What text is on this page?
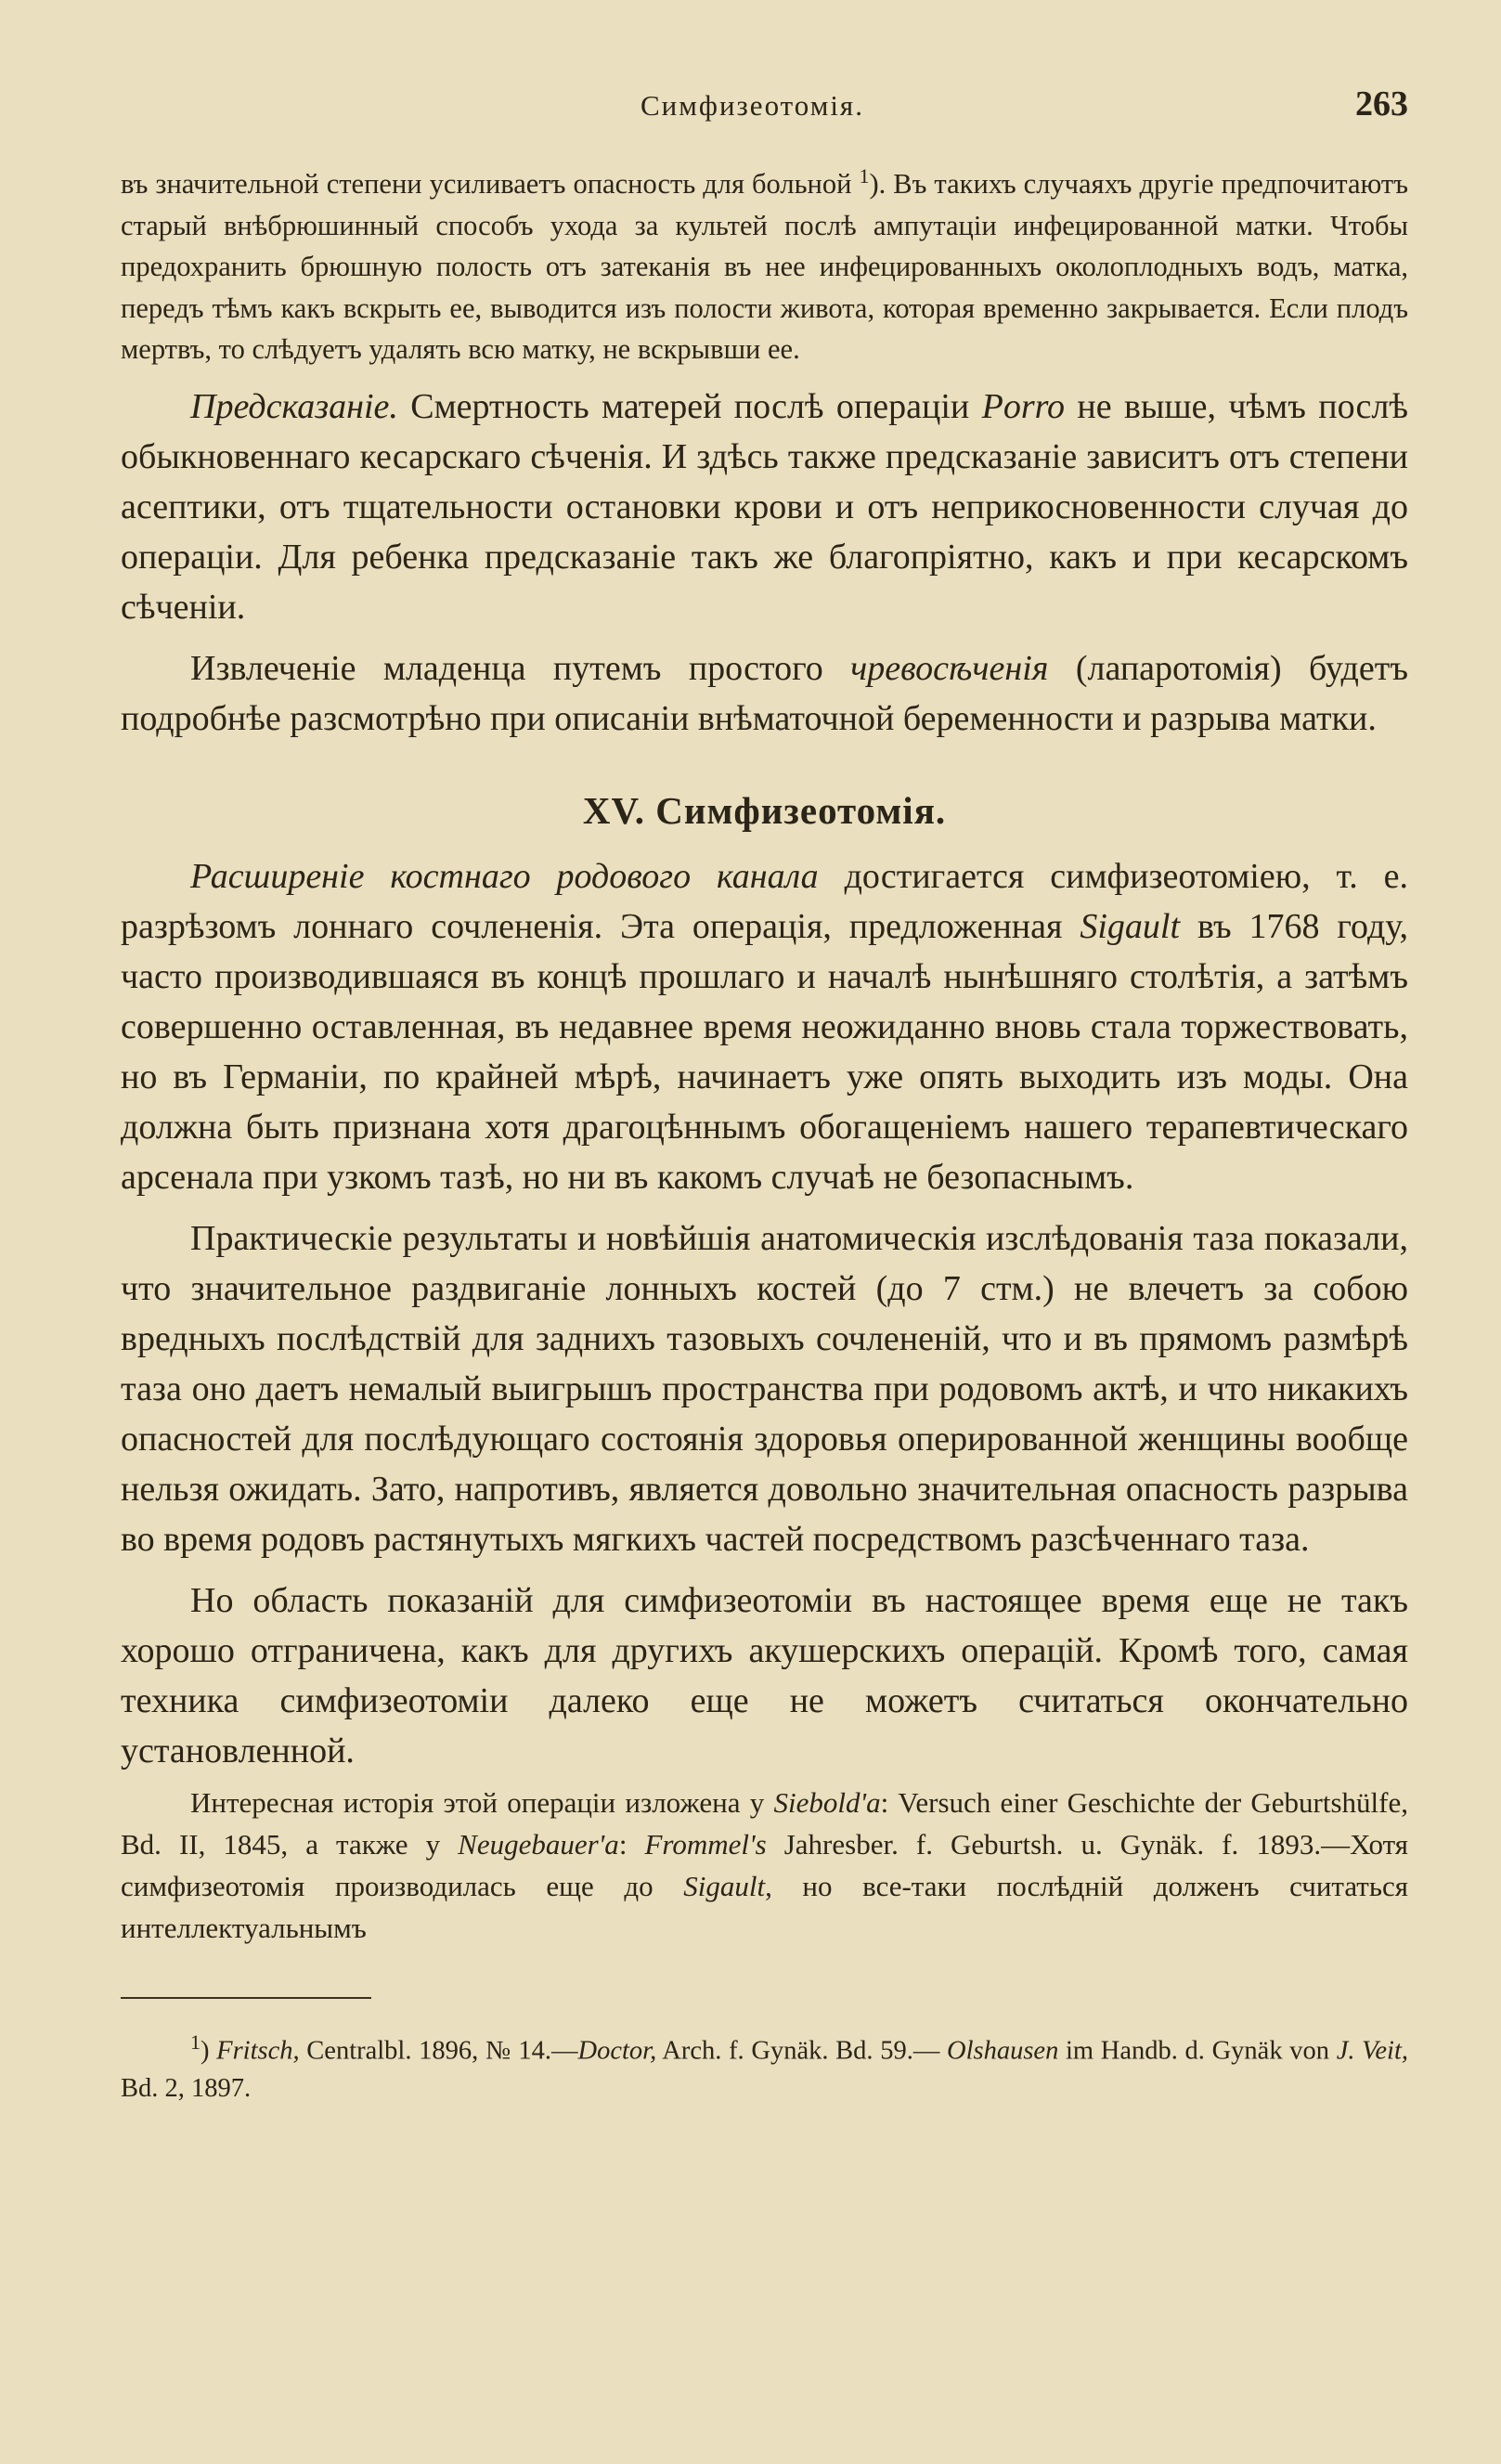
Симфизеотомія.	263

въ значительной степени усиливаетъ опасность для больной $^1$). Въ такихъ случаяхъ другіе предпочитаютъ старый внѣбрюшинный способъ ухода за культей послѣ ампутаціи инфецированной матки. Чтобы предохранить брюшную полость отъ затеканія въ нее инфецированныхъ околоплодныхъ водъ, матка, передъ тѣмъ какъ вскрыть ее, выводится изъ полости живота, которая временно закрывается. Если плодъ мертвъ, то слѣдуетъ удалять всю матку, не вскрывши ее.

Предсказаніе. Смертность матерей послѣ операціи Porro не выше, чѣмъ послѣ обыкновеннаго кесарскаго сѣченія. И здѣсь также предсказаніе зависитъ отъ степени асептики, отъ тщательности остановки крови и отъ неприкосновенности случая до операціи. Для ребенка предсказаніе такъ же благопріятно, какъ и при кесарскомъ сѣченіи.

Извлеченіе младенца путемъ простого чревосѣченія (лапаротомія) будетъ подробнѣе разсмотрѣно при описаніи внѣматочной беременности и разрыва матки.

XV. Симфизеотомія.

Расширеніе костнаго родового канала достигается симфизеотоміею, т. е. разрѣзомъ лоннаго сочлененія. Эта операція, предложенная Sigault въ 1768 году, часто производившаяся въ концѣ прошлаго и началѣ нынѣшняго столѣтія, а затѣмъ совершенно оставленная, въ недавнее время неожиданно вновь стала торжествовать, но въ Германіи, по крайней мѣрѣ, начинаетъ уже опять выходить изъ моды. Она должна быть признана хотя драгоцѣннымъ обогащеніемъ нашего терапевтическаго арсенала при узкомъ тазѣ, но ни въ какомъ случаѣ не безопаснымъ.

Практическіе результаты и новѣйшія анатомическія изслѣдованія таза показали, что значительное раздвиганіе лонныхъ костей (до 7 стм.) не влечетъ за собою вредныхъ послѣдствій для заднихъ тазовыхъ сочлененій, что и въ прямомъ размѣрѣ таза оно даетъ немалый выигрышъ пространства при родовомъ актѣ, и что никакихъ опасностей для послѣдующаго состоянія здоровья оперированной женщины вообще нельзя ожидать. Зато, напротивъ, является довольно значительная опасность разрыва во время родовъ растянутыхъ мягкихъ частей посредствомъ разсѣченнаго таза.

Но область показаній для симфизеотоміи въ настоящее время еще не такъ хорошо отграничена, какъ для другихъ акушерскихъ операцій. Кромѣ того, самая техника симфизеотоміи далеко еще не можетъ считаться окончательно установленной.

Интересная исторія этой операціи изложена у Siebold'а: Versuch einer Geschichte der Geburtshülfe, Bd. II, 1845, а также у Neugebauer'а: Frommel's Jahresber. f. Geburtsh. u. Gynäk. f. 1893.—Хотя симфизеотомія производилась еще до Sigault, но все-таки послѣдній долженъ считаться интеллектуальнымъ

$^1$) Fritsch, Centralbl. 1896, № 14.—Doctor, Arch. f. Gynäk. Bd. 59.— Olshausen im Handb. d. Gynäk von J. Veit, Bd. 2, 1897.
